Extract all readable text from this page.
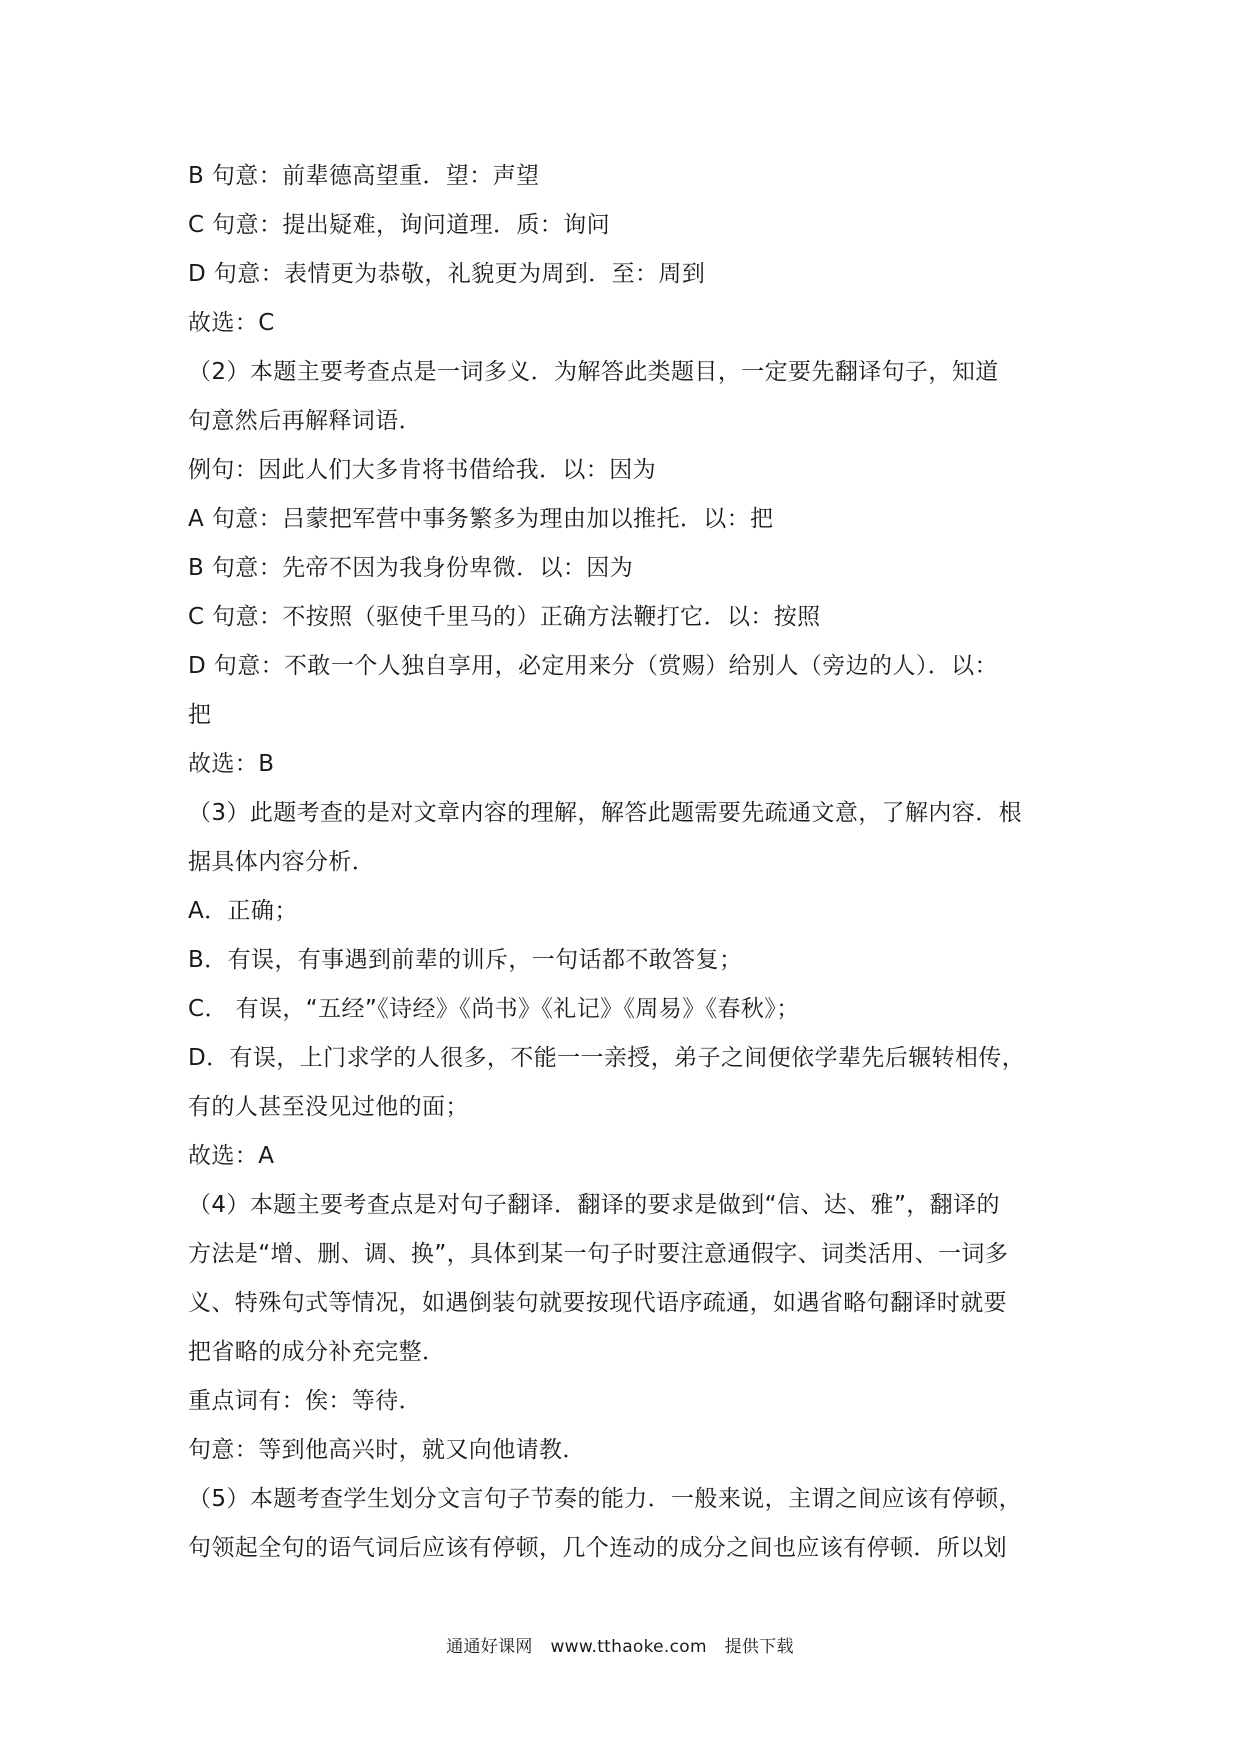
B 句意：前辈德高望重．望：声望
C 句意：提出疑难，询问道理．质：询问
D 句意：表情更为恭敬，礼貌更为周到．至：周到
故选：C
（2）本题主要考查点是一词多义．为解答此类题目，一定要先翻译句子，知道
句意然后再解释词语．
例句：因此人们大多肯将书借给我．以：因为
A 句意：吕蒙把军营中事务繁多为理由加以推托．以：把
B 句意：先帝不因为我身份卑微．以：因为
C 句意：不按照（驱使千里马的）正确方法鞭打它．以：按照
D 句意：不敢一个人独自享用，必定用来分（赏赐）给别人（旁边的人）．以：
把
故选：B
（3）此题考查的是对文章内容的理解，解答此题需要先疏通文意，了解内容．根
据具体内容分析．
A．正确；
B．有误，有事遇到前辈的训斥，一句话都不敢答复；
C． 有误，“五经”《诗经》《尚书》《礼记》《周易》《春秋》；
D．有误，上门求学的人很多，不能一一亲授，弟子之间便依学辈先后辗转相传，
有的人甚至没见过他的面；
故选：A
（4）本题主要考查点是对句子翻译．翻译的要求是做到“信、达、雅”，翻译的
方法是“增、删、调、换”，具体到某一句子时要注意通假字、词类活用、一词多
义、特殊句式等情况，如遇倒装句就要按现代语序疏通，如遇省略句翻译时就要
把省略的成分补充完整．
重点词有：俟：等待．
句意：等到他高兴时，就又向他请教．
（5）本题考查学生划分文言句子节奏的能力．一般来说，主谓之间应该有停顿，
句领起全句的语气词后应该有停顿，几个连动的成分之间也应该有停顿．所以划
通通好课网 www.tthaoke.com 提供下载
